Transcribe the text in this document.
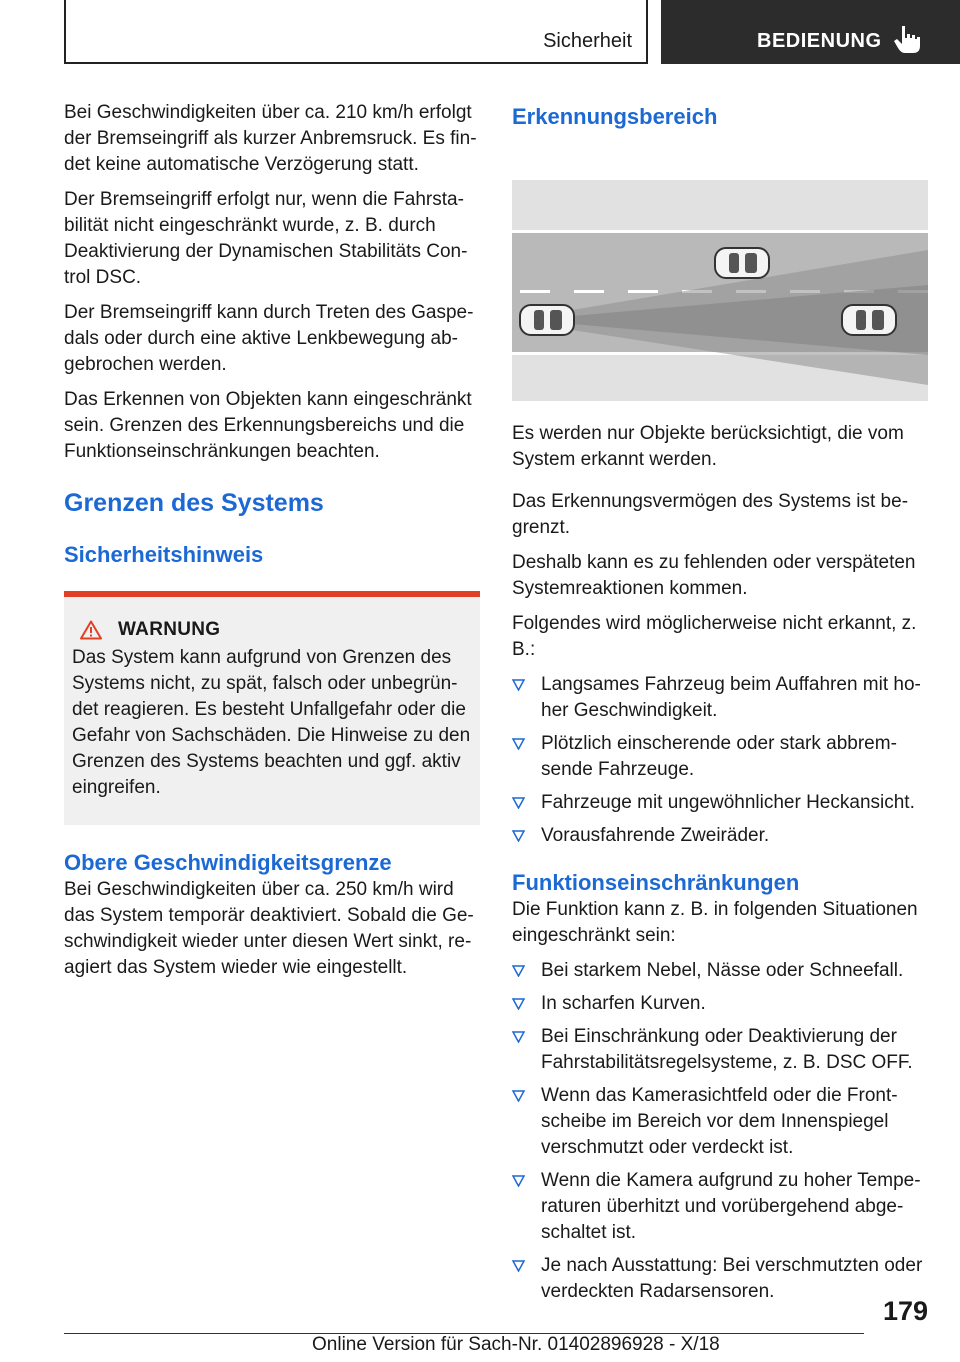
Sicherheit	BEDIENUNG

Bei Geschwindigkeiten über ca. 210 km/h erfolgt der Bremseingriff als kurzer Anbremsruck. Es findet keine automatische Verzögerung statt.

Der Bremseingriff erfolgt nur, wenn die Fahrstabilität nicht eingeschränkt wurde, z. B. durch Deaktivierung der Dynamischen Stabilitäts Control DSC.

Der Bremseingriff kann durch Treten des Gaspedals oder durch eine aktive Lenkbewegung abgebrochen werden.

Das Erkennen von Objekten kann eingeschränkt sein. Grenzen des Erkennungsbereichs und die Funktionseinschränkungen beachten.

Grenzen des Systems
Sicherheitshinweis
WARNUNG

Das System kann aufgrund von Grenzen des Systems nicht, zu spät, falsch oder unbegründet reagieren. Es besteht Unfallgefahr oder die Gefahr von Sachschäden. Die Hinweise zu den Grenzen des Systems beachten und ggf. aktiv eingreifen.

Obere Geschwindigkeitsgrenze

Bei Geschwindigkeiten über ca. 250 km/h wird das System temporär deaktiviert. Sobald die Geschwindigkeit wieder unter diesen Wert sinkt, reagiert das System wieder wie eingestellt.

Erkennungsbereich

Es werden nur Objekte berücksichtigt, die vom System erkannt werden.

Das Erkennungsvermögen des Systems ist begrenzt.

Deshalb kann es zu fehlenden oder verspäteten Systemreaktionen kommen.

Folgendes wird möglicherweise nicht erkannt, z. B.:

Langsames Fahrzeug beim Auffahren mit hoher Geschwindigkeit.
Plötzlich einscherende oder stark abbremsende Fahrzeuge.
Fahrzeuge mit ungewöhnlicher Heckansicht.
Vorausfahrende Zweiräder.
Funktionseinschränkungen

Die Funktion kann z. B. in folgenden Situationen eingeschränkt sein:

Bei starkem Nebel, Nässe oder Schneefall.
In scharfen Kurven.
Bei Einschränkung oder Deaktivierung der Fahrstabilitätsregelsysteme, z. B. DSC OFF.
Wenn das Kamerasichtfeld oder die Frontscheibe im Bereich vor dem Innenspiegel verschmutzt oder verdeckt ist.
Wenn die Kamera aufgrund zu hoher Temperaturen überhitzt und vorübergehend abgeschaltet ist.
Je nach Ausstattung: Bei verschmutzten oder verdeckten Radarsensoren.
179
Online Version für Sach-Nr. 01402896928 - X/18
